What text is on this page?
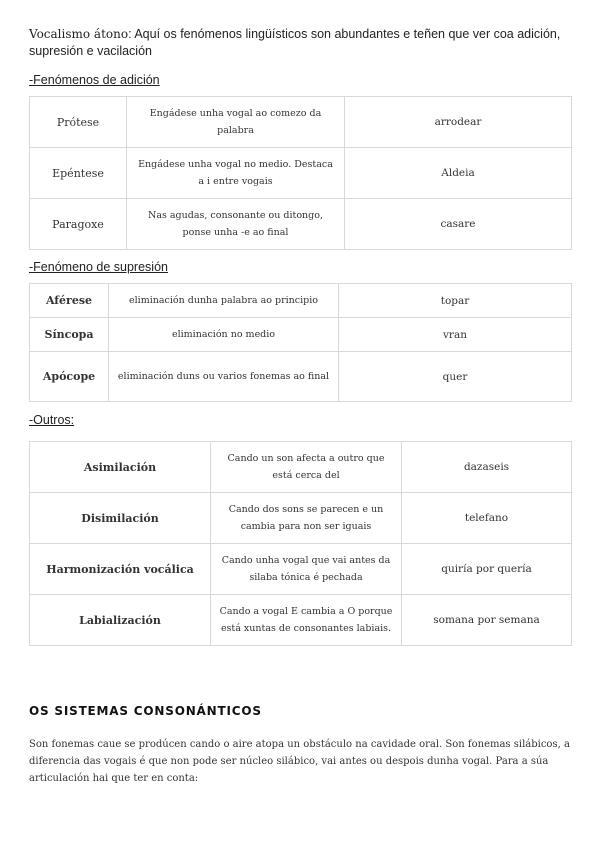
Vocalismo átono: Aquí os fenómenos lingüísticos son abundantes e teñen que ver coa adición, supresión e vacilación

-Fenómenos de adición

Prótese	Engádese unha vogal ao comezo da palabra	arrodear
Epéntese	Engádese unha vogal no medio. Destaca a i entre vogais	Aldeia
Paragoxe	Nas agudas, consonante ou ditongo, ponse unha -e ao final	casare

-Fenómeno de supresión

Aférese	eliminación dunha palabra ao principio	topar
Síncopa	eliminación no medio	vran
Apócope	eliminación duns ou varios fonemas ao final	quer

-Outros:

Asimilación	Cando un son afecta a outro que está cerca del	dazaseis
Disimilación	Cando dos sons se parecen e un cambia para non ser iguais	telefano
Harmonización vocálica	Cando unha vogal que vai antes da silaba tónica é pechada	quiría por quería
Labialización	Cando a vogal E cambia a O porque está xuntas de consonantes labiais.	somana por semana

OS SISTEMAS CONSONÁNTICOS

Son fonemas caue se prodúcen cando o aire atopa un obstáculo na cavidade oral. Son fonemas silábicos, a diferencia das vogais é que non pode ser núcleo silábico, vai antes ou despois dunha vogal. Para a súa articulación hai que ter en conta:
